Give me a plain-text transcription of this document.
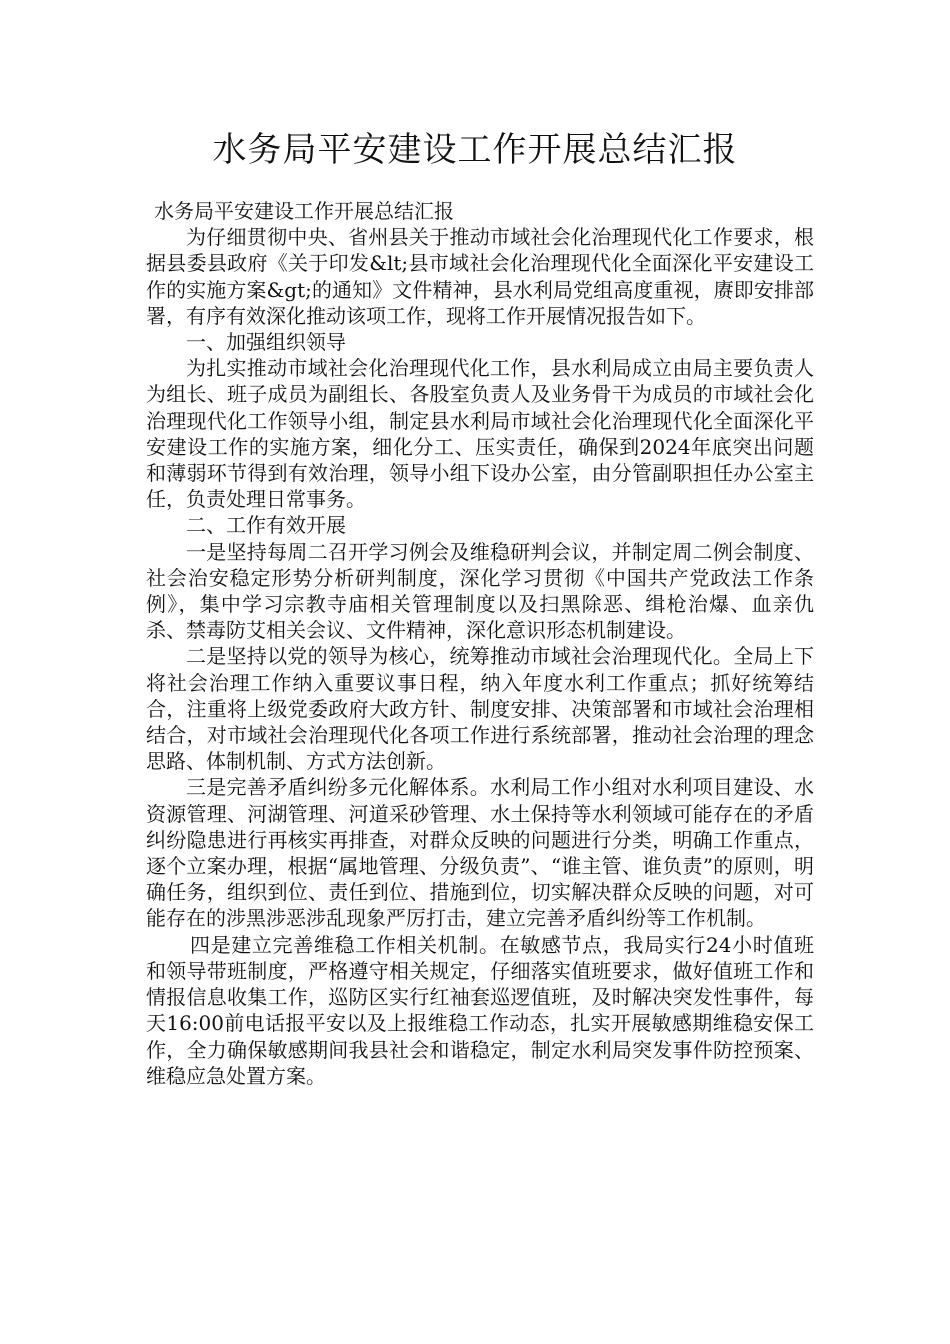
水务局平安建设工作开展总结汇报

水务局平安建设工作开展总结汇报

为仔细贯彻中央、省州县关于推动市域社会化治理现代化工作要求，根据县委县政府《关于印发&lt;县市域社会化治理现代化全面深化平安建设工作的实施方案&gt;的通知》文件精神，县水利局党组高度重视，赓即安排部署，有序有效深化推动该项工作，现将工作开展情况报告如下。

一、加强组织领导

为扎实推动市域社会化治理现代化工作，县水利局成立由局主要负责人为组长、班子成员为副组长、各股室负责人及业务骨干为成员的市域社会化治理现代化工作领导小组，制定县水利局市域社会化治理现代化全面深化平安建设工作的实施方案，细化分工、压实责任，确保到2024年底突出问题和薄弱环节得到有效治理，领导小组下设办公室，由分管副职担任办公室主任，负责处理日常事务。

二、工作有效开展

一是坚持每周二召开学习例会及维稳研判会议，并制定周二例会制度、社会治安稳定形势分析研判制度，深化学习贯彻《中国共产党政法工作条例》，集中学习宗教寺庙相关管理制度以及扫黑除恶、缉枪治爆、血亲仇杀、禁毒防艾相关会议、文件精神，深化意识形态机制建设。

二是坚持以党的领导为核心，统筹推动市域社会治理现代化。全局上下将社会治理工作纳入重要议事日程，纳入年度水利工作重点；抓好统筹结合，注重将上级党委政府大政方针、制度安排、决策部署和市域社会治理相结合，对市域社会治理现代化各项工作进行系统部署，推动社会治理的理念思路、体制机制、方式方法创新。

三是完善矛盾纠纷多元化解体系。水利局工作小组对水利项目建设、水资源管理、河湖管理、河道采砂管理、水土保持等水利领域可能存在的矛盾纠纷隐患进行再核实再排查，对群众反映的问题进行分类，明确工作重点，逐个立案办理，根据“属地管理、分级负责”、“谁主管、谁负责”的原则，明确任务，组织到位、责任到位、措施到位，切实解决群众反映的问题，对可能存在的涉黑涉恶涉乱现象严厉打击，建立完善矛盾纠纷等工作机制。

四是建立完善维稳工作相关机制。在敏感节点，我局实行24小时值班和领导带班制度，严格遵守相关规定，仔细落实值班要求，做好值班工作和情报信息收集工作，巡防区实行红袖套巡逻值班，及时解决突发性事件，每天16:00前电话报平安以及上报维稳工作动态，扎实开展敏感期维稳安保工作，全力确保敏感期间我县社会和谐稳定，制定水利局突发事件防控预案、维稳应急处置方案。
